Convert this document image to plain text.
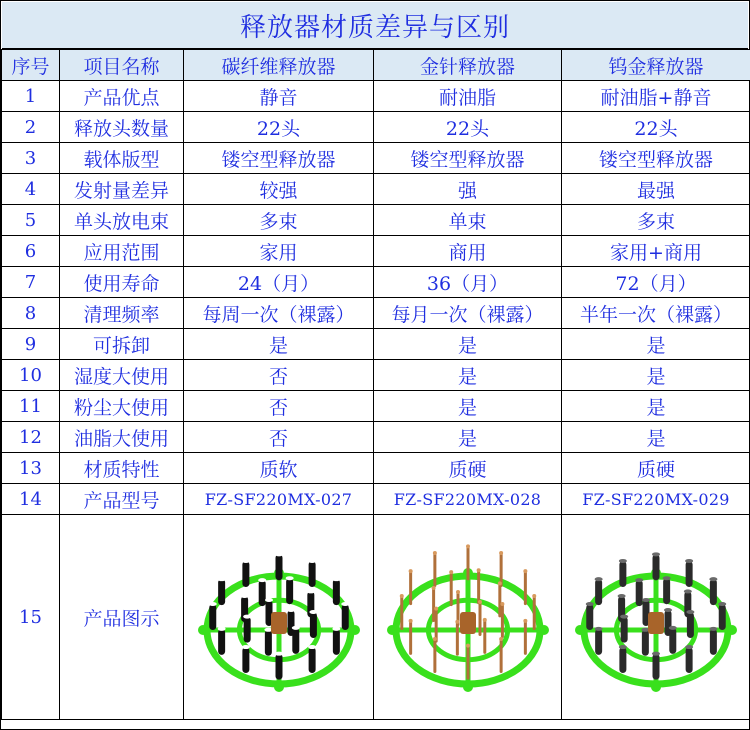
释放器材质差异与区别
序号	项目名称	碳纤维释放器	金针释放器	钨金释放器
1	产品优点	静音	耐油脂	耐油脂+静音
2	释放头数量	22头	22头	22头
3	载体版型	镂空型释放器	镂空型释放器	镂空型释放器
4	发射量差异	较强	强	最强
5	单头放电束	多束	单束	多束
6	应用范围	家用	商用	家用+商用
7	使用寿命	24（月）	36（月）	72（月）
8	清理频率	每周一次（裸露）	每月一次（裸露）	半年一次（裸露）
9	可拆卸	是	是	是
10	湿度大使用	否	是	是
11	粉尘大使用	否	是	是
12	油脂大使用	否	是	是
13	材质特性	质软	质硬	质硬
14	产品型号	FZ-SF220MX-027	FZ-SF220MX-028	FZ-SF220MX-029
15	产品图示	
